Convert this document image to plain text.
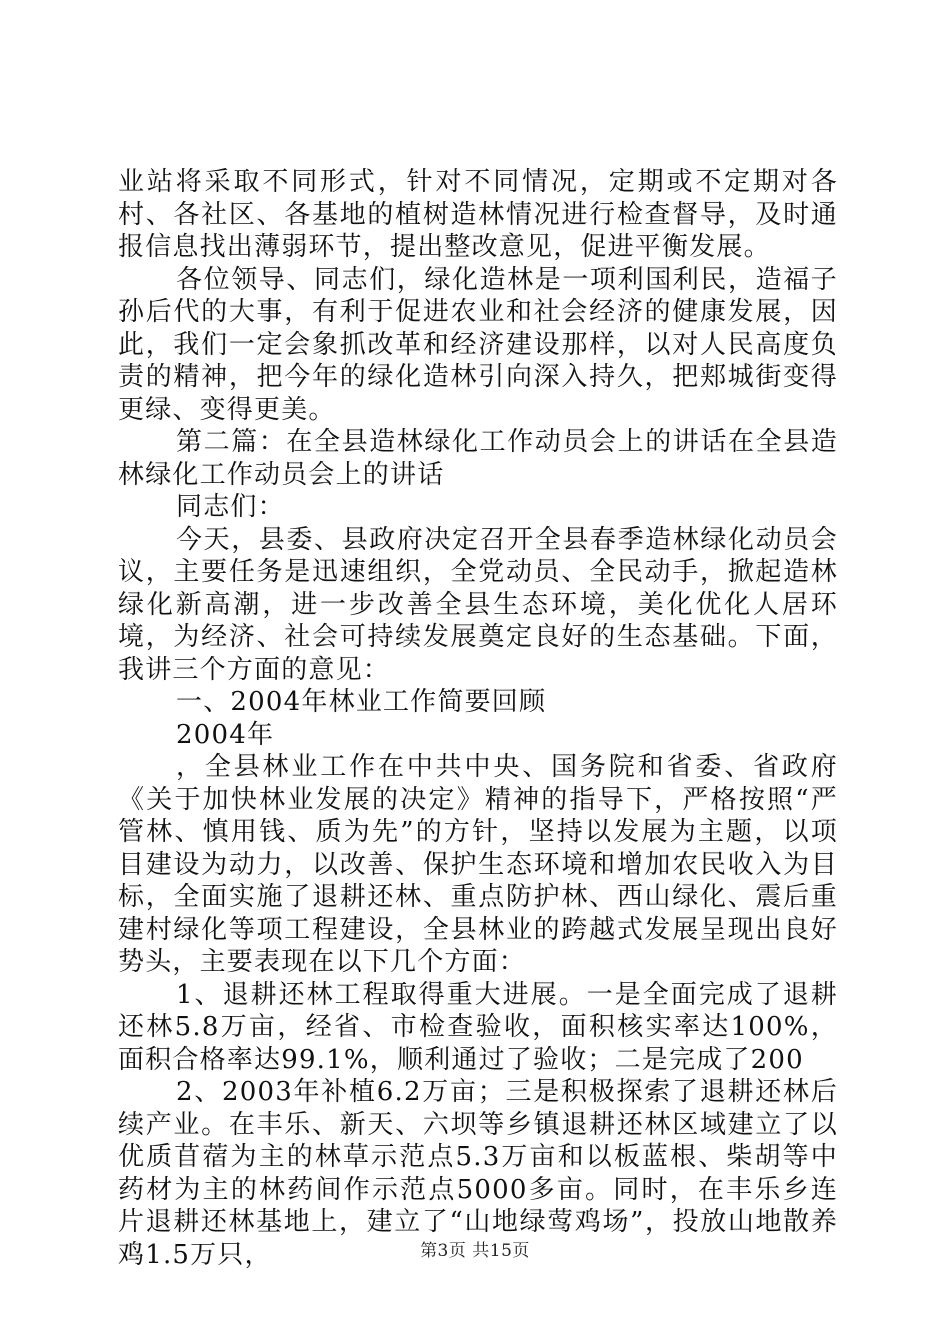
业站将采取不同形式，针对不同情况，定期或不定期对各村、各社区、各基地的植树造林情况进行检查督导，及时通报信息找出薄弱环节，提出整改意见，促进平衡发展。

各位领导、同志们，绿化造林是一项利国利民，造福子孙后代的大事，有利于促进农业和社会经济的健康发展，因此，我们一定会象抓改革和经济建设那样，以对人民高度负责的精神，把今年的绿化造林引向深入持久，把郏城街变得更绿、变得更美。

第二篇：在全县造林绿化工作动员会上的讲话在全县造林绿化工作动员会上的讲话

同志们：

今天，县委、县政府决定召开全县春季造林绿化动员会议，主要任务是迅速组织，全党动员、全民动手，掀起造林绿化新高潮，进一步改善全县生态环境，美化优化人居环境，为经济、社会可持续发展奠定良好的生态基础。下面，我讲三个方面的意见：

一、2004年林业工作简要回顾

2004年

，全县林业工作在中共中央、国务院和省委、省政府《关于加快林业发展的决定》精神的指导下，严格按照“严管林、慎用钱、质为先”的方针，坚持以发展为主题，以项目建设为动力，以改善、保护生态环境和增加农民收入为目标，全面实施了退耕还林、重点防护林、西山绿化、震后重建村绿化等项工程建设，全县林业的跨越式发展呈现出良好势头，主要表现在以下几个方面：

1、退耕还林工程取得重大进展。一是全面完成了退耕还林5.8万亩，经省、市检查验收，面积核实率达100%，面积合格率达99.1%，顺利通过了验收；二是完成了200

2、2003年补植6.2万亩；三是积极探索了退耕还林后续产业。在丰乐、新天、六坝等乡镇退耕还林区域建立了以优质苜蓿为主的林草示范点5.3万亩和以板蓝根、柴胡等中药材为主的林药间作示范点5000多亩。同时，在丰乐乡连片退耕还林基地上，建立了“山地绿莺鸡场”，投放山地散养鸡1.5万只，	第3页 共15页
